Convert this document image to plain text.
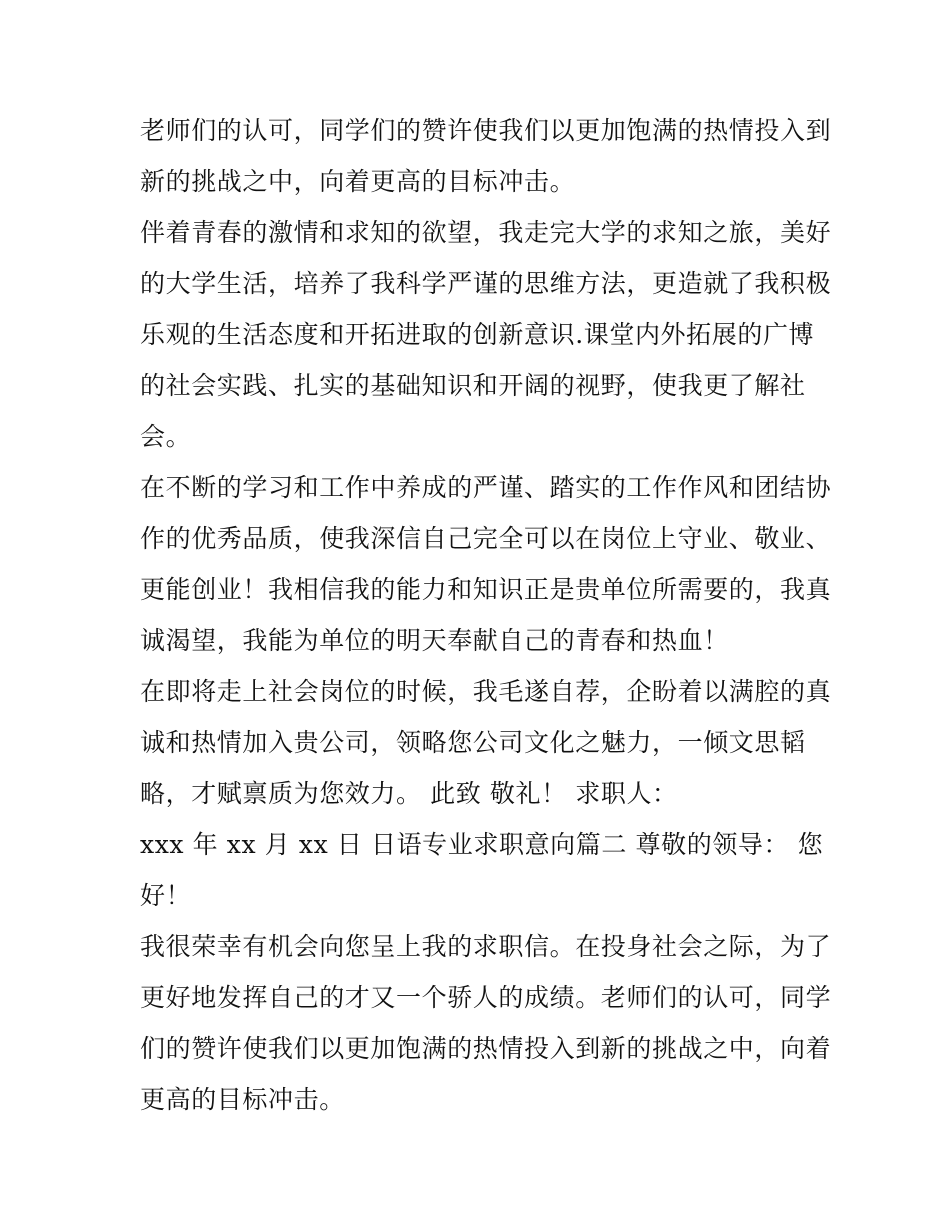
老师们的认可，同学们的赞许使我们以更加饱满的热情投入到
新的挑战之中，向着更高的目标冲击。
伴着青春的激情和求知的欲望，我走完大学的求知之旅，美好
的大学生活，培养了我科学严谨的思维方法，更造就了我积极
乐观的生活态度和开拓进取的创新意识.课堂内外拓展的广博
的社会实践、扎实的基础知识和开阔的视野，使我更了解社
会。
在不断的学习和工作中养成的严谨、踏实的工作作风和团结协
作的优秀品质，使我深信自己完全可以在岗位上守业、敬业、
更能创业！我相信我的能力和知识正是贵单位所需要的，我真
诚渴望，我能为单位的明天奉献自己的青春和热血！
在即将走上社会岗位的时候，我毛遂自荐，企盼着以满腔的真
诚和热情加入贵公司，领略您公司文化之魅力，一倾文思韬
略，才赋禀质为您效力。 此致 敬礼！ 求职人：
xxx 年 xx 月 xx 日 日语专业求职意向篇二 尊敬的领导： 您
好！
我很荣幸有机会向您呈上我的求职信。在投身社会之际，为了
更好地发挥自己的才又一个骄人的成绩。老师们的认可，同学
们的赞许使我们以更加饱满的热情投入到新的挑战之中，向着
更高的目标冲击。
